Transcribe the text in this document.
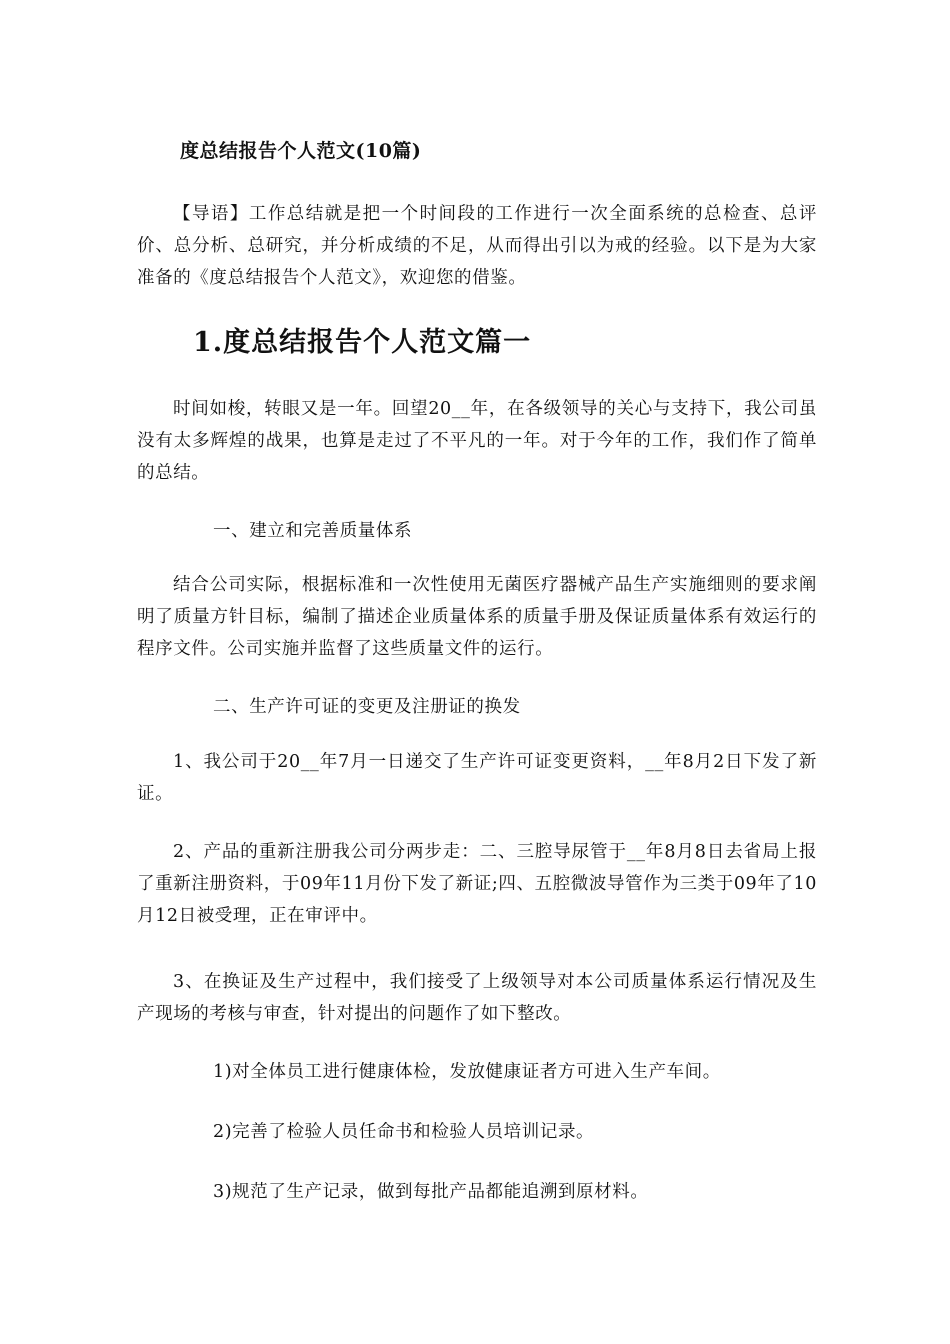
度总结报告个人范文(10篇)
【导语】工作总结就是把一个时间段的工作进行一次全面系统的总检查、总评价、总分析、总研究，并分析成绩的不足，从而得出引以为戒的经验。以下是为大家准备的《度总结报告个人范文》，欢迎您的借鉴。
1.度总结报告个人范文篇一
时间如梭，转眼又是一年。回望20__年，在各级领导的关心与支持下，我公司虽没有太多辉煌的战果，也算是走过了不平凡的一年。对于今年的工作，我们作了简单的总结。
一、建立和完善质量体系
结合公司实际，根据标准和一次性使用无菌医疗器械产品生产实施细则的要求阐明了质量方针目标，编制了描述企业质量体系的质量手册及保证质量体系有效运行的程序文件。公司实施并监督了这些质量文件的运行。
二、生产许可证的变更及注册证的换发
1、我公司于20__年7月一日递交了生产许可证变更资料，__年8月2日下发了新证。
2、产品的重新注册我公司分两步走：二、三腔导尿管于__年8月8日去省局上报了重新注册资料，于09年11月份下发了新证;四、五腔微波导管作为三类于09年了10月12日被受理，正在审评中。
3、在换证及生产过程中，我们接受了上级领导对本公司质量体系运行情况及生产现场的考核与审查，针对提出的问题作了如下整改。
1)对全体员工进行健康体检，发放健康证者方可进入生产车间。
2)完善了检验人员任命书和检验人员培训记录。
3)规范了生产记录，做到每批产品都能追溯到原材料。
